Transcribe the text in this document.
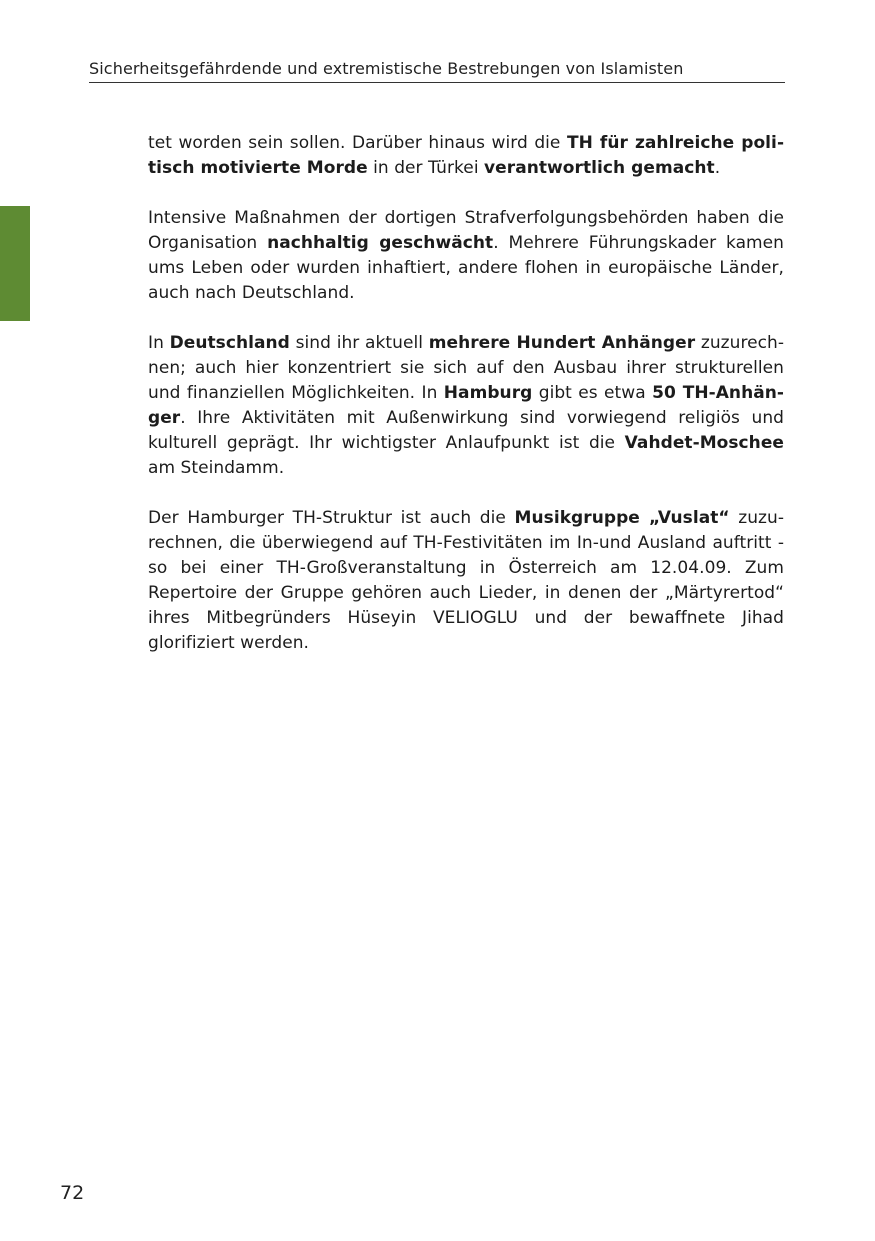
Sicherheitsgefährdende und extremistische Bestrebungen von Islamisten

tet worden sein sollen. Darüber hinaus wird die TH für zahlreiche politisch motivierte Morde in der Türkei verantwortlich gemacht.

Intensive Maßnahmen der dortigen Strafverfolgungsbehörden haben die Organisation nachhaltig geschwächt. Mehrere Führungskader kamen ums Leben oder wurden inhaftiert, andere flohen in europäische Länder, auch nach Deutschland.

In Deutschland sind ihr aktuell mehrere Hundert Anhänger zuzurechnen; auch hier konzentriert sie sich auf den Ausbau ihrer strukturellen und finanziellen Möglichkeiten. In Hamburg gibt es etwa 50 TH-Anhänger. Ihre Aktivitäten mit Außenwirkung sind vorwiegend religiös und kulturell geprägt. Ihr wichtigster Anlaufpunkt ist die Vahdet-Moschee am Steindamm.

Der Hamburger TH-Struktur ist auch die Musikgruppe „Vuslat“ zuzurechnen, die überwiegend auf TH-Festivitäten im In-und Ausland auftritt - so bei einer TH-Großveranstaltung in Österreich am 12.04.09. Zum Repertoire der Gruppe gehören auch Lieder, in denen der „Märtyrertod“ ihres Mitbegründers Hüseyin VELIOGLU und der bewaffnete Jihad glorifiziert werden.

72
